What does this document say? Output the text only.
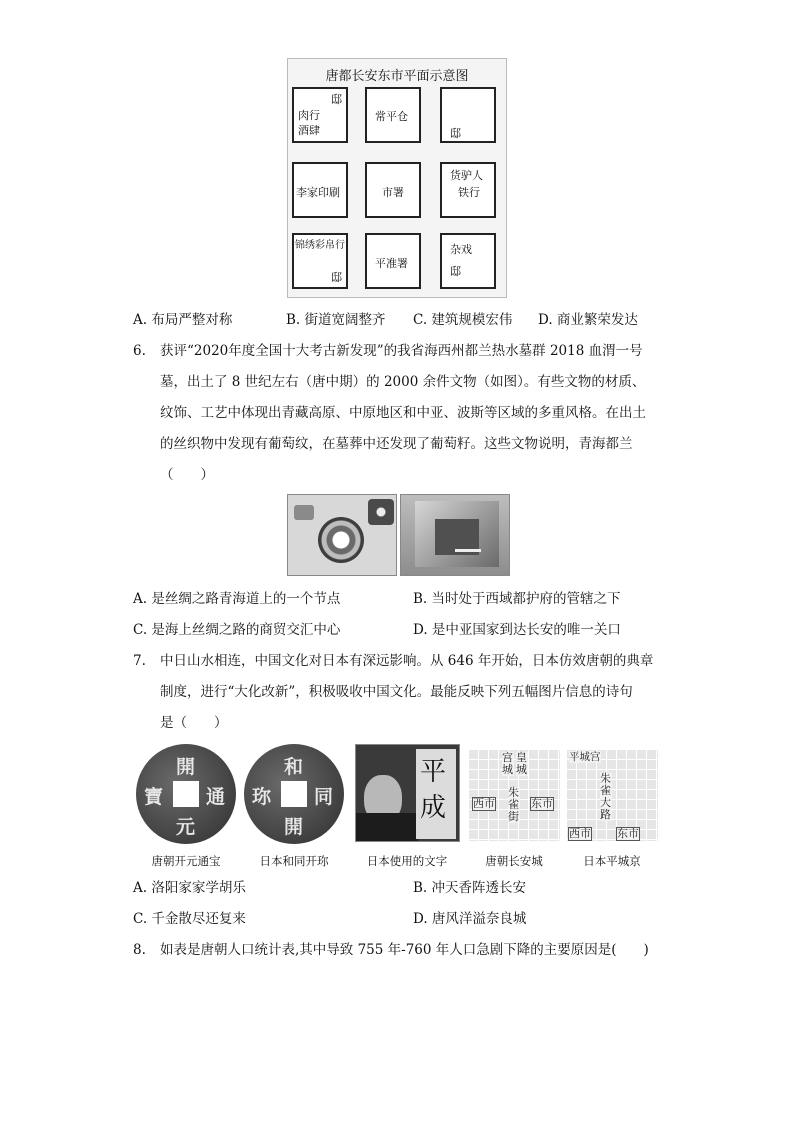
唐都长安东市平面示意图
邸
肉行
酒肆
常平仓
邸
李家印刷	市署
货驴人
铁行
锦绣彩帛行
邸
平准署
杂戏
邸
A. 布局严整对称	B. 街道宽阔整齐 C. 建筑规模宏伟 D. 商业繁荣发达
6. 获评“2020年度全国十大考古新发现”的我省海西州都兰热水墓群 2018 血渭一号
墓，出土了 8 世纪左右（唐中期）的 2000 余件文物（如图）。有些文物的材质、
纹饰、工艺中体现出青藏高原、中原地区和中亚、波斯等区域的多重风格。在出土
的丝织物中发现有葡萄纹，在墓葬中还发现了葡萄籽。这些文物说明，青海都兰
（　　）
A. 是丝绸之路青海道上的一个节点	B. 当时处于西域都护府的管辖之下
C. 是海上丝绸之路的商贸交汇中心	D. 是中亚国家到达长安的唯一关口
7. 中日山水相连，中国文化对日本有深远影响。从 646 年开始，日本仿效唐朝的典章
制度，进行“大化改新”，积极吸收中国文化。最能反映下列五幅图片信息的诗句
是（　　）
開
元
通
寶
和
開
同
珎
平
成
宫城
皇城
朱雀街
西市	东市
平城宫
朱雀大路
西市 东市
唐朝开元通宝	日本和同开珎	日本使用的文字	唐朝长安城	日本平城京
A. 洛阳家家学胡乐	B. 冲天香阵透长安
C. 千金散尽还复来	D. 唐风洋溢奈良城
8. 如表是唐朝人口统计表,其中导致 755 年-760 年人口急剧下降的主要原因是(　　)
